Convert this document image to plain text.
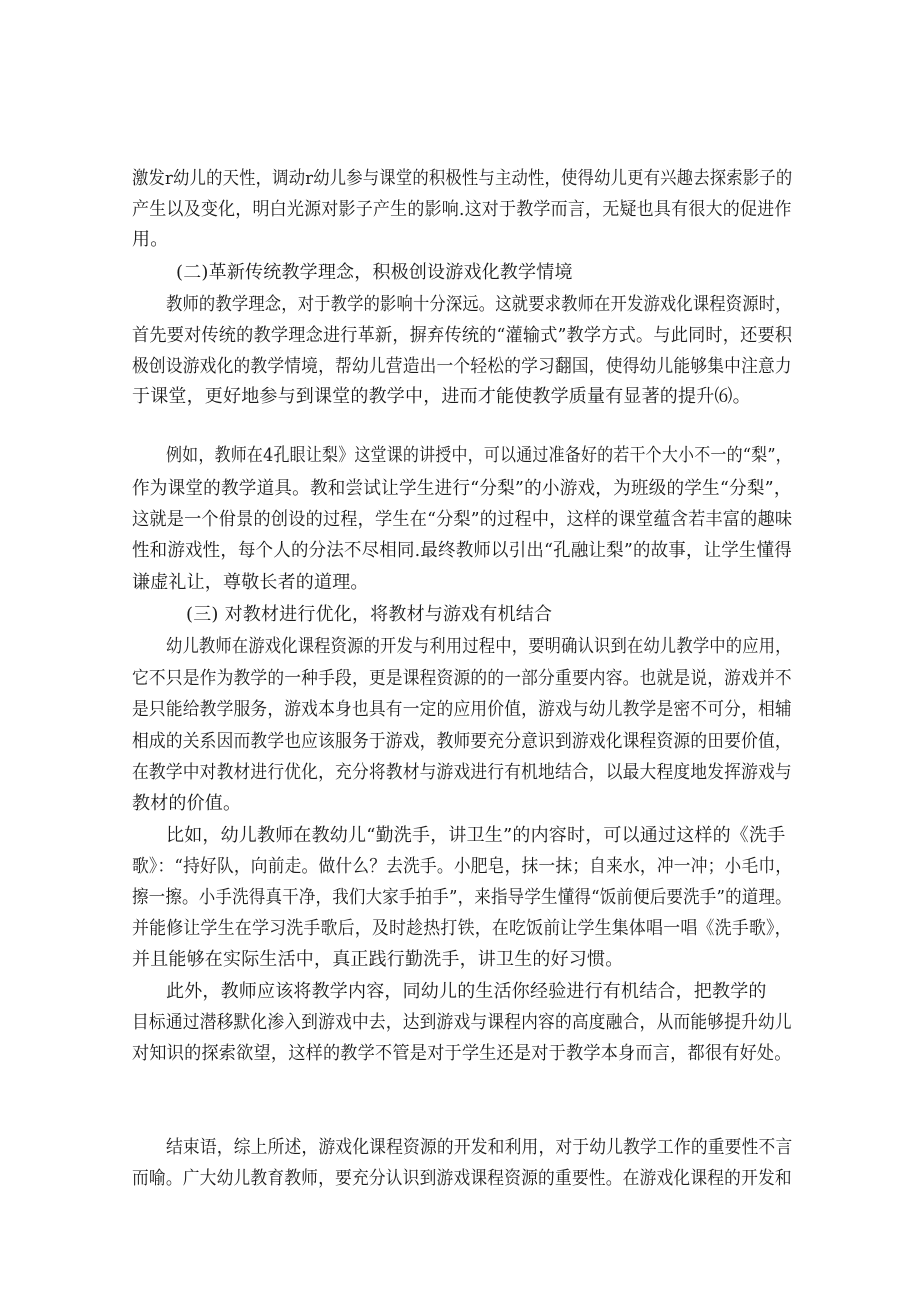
激发r幼儿的天性，调动r幼儿参与课堂的积极性与主动性，使得幼儿更有兴趣去探索影子的
产生以及变化，明白光源对影子产生的影响.这对于教学而言，无疑也具有很大的促进作
用。
(二)革新传统教学理念，积极创设游戏化教学情境
教师的教学理念，对于教学的影响十分深远。这就要求教师在开发游戏化课程资源时，
首先要对传统的教学理念进行革新，摒弃传统的“灌输式”教学方式。与此同时，还要积
极创设游戏化的教学情境，帮幼儿营造出一个轻松的学习翻国，使得幼儿能够集中注意力
于课堂，更好地参与到课堂的教学中，进而才能使教学质量有显著的提升⑹。
例如，教师在4孔眼让梨》这堂课的讲授中，可以通过准备好的若干个大小不一的“梨”，
作为课堂的教学道具。教和尝试让学生进行“分梨”的小游戏，为班级的学生“分梨”，
这就是一个佾景的创设的过程，学生在“分梨”的过程中，这样的课堂蕴含若丰富的趣味
性和游戏性，每个人的分法不尽相同.最终教师以引出“孔融让梨”的故事，让学生懂得
谦虚礼让，尊敬长者的道理。
(三) 对教材进行优化，将教材与游戏有机结合
幼儿教师在游戏化课程资源的开发与利用过程中，要明确认识到在幼儿教学中的应用，
它不只是作为教学的一种手段，更是课程资源的的一部分重要内容。也就是说，游戏并不
是只能给教学服务，游戏本身也具有一定的应用价值，游戏与幼儿教学是密不可分，相辅
相成的关系因而教学也应该服务于游戏，教师要充分意识到游戏化课程资源的田要价值，
在教学中对教材进行优化，充分将教材与游戏进行有机地结合，以最大程度地发挥游戏与
教材的价值。
比如，幼儿教师在教幼儿“勤洗手，讲卫生”的内容时，可以通过这样的《洗手
歌》：“持好队，向前走。做什么？去洗手。小肥皂，抹一抹；自来水，冲一冲；小毛巾，
擦一擦。小手洗得真干净，我们大家手拍手”，来指导学生懂得“饭前便后要洗手”的道理。
并能修让学生在学习洗手歌后，及时趁热打铁，在吃饭前让学生集体唱一唱《洗手歌》，
并且能够在实际生活中，真正践行勤洗手，讲卫生的好习惯。
此外，教师应该将教学内容，同幼儿的生活你经验进行有机结合，把教学的
目标通过潜移默化渗入到游戏中去，达到游戏与课程内容的高度融合，从而能够提升幼儿
对知识的探索欲望，这样的教学不管是对于学生还是对于教学本身而言，都很有好处。
结束语，综上所述，游戏化课程资源的开发和利用，对于幼儿教学工作的重要性不言
而喻。广大幼儿教育教师，要充分认识到游戏课程资源的重要性。在游戏化课程的开发和
